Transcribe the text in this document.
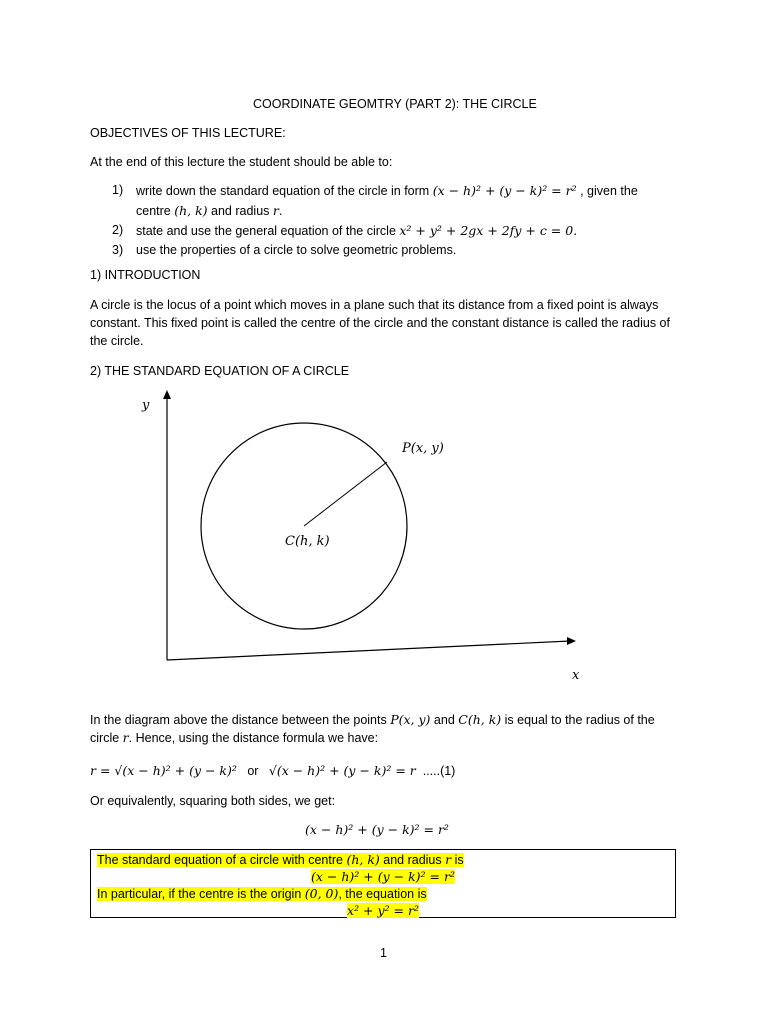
COORDINATE GEOMTRY (PART 2): THE CIRCLE
OBJECTIVES OF THIS LECTURE:
At the end of this lecture the student should be able to:
1) write down the standard equation of the circle in form (x − h)² + (y − k)² = r² , given the
centre (h, k) and radius r.
2) state and use the general equation of the circle x² + y² + 2gx + 2fy + c = 0.
3) use the properties of a circle to solve geometric problems.
1) INTRODUCTION
A circle is the locus of a point which moves in a plane such that its distance from a fixed point is always constant. This fixed point is called the centre of the circle and the constant distance is called the radius of the circle.
2) THE STANDARD EQUATION OF A CIRCLE
y
x
P(x, y)
C(h, k)
In the diagram above the distance between the points P(x, y) and C(h, k) is equal to the radius of the
circle r. Hence, using the distance formula we have:
r = √(x − h)² + (y − k)² or √(x − h)² + (y − k)² = r .....(1)
Or equivalently, squaring both sides, we get:
(x − h)² + (y − k)² = r²
The standard equation of a circle with centre (h, k) and radius r is
(x − h)² + (y − k)² = r²
In particular, if the centre is the origin (0, 0), the equation is
x² + y² = r²
1
